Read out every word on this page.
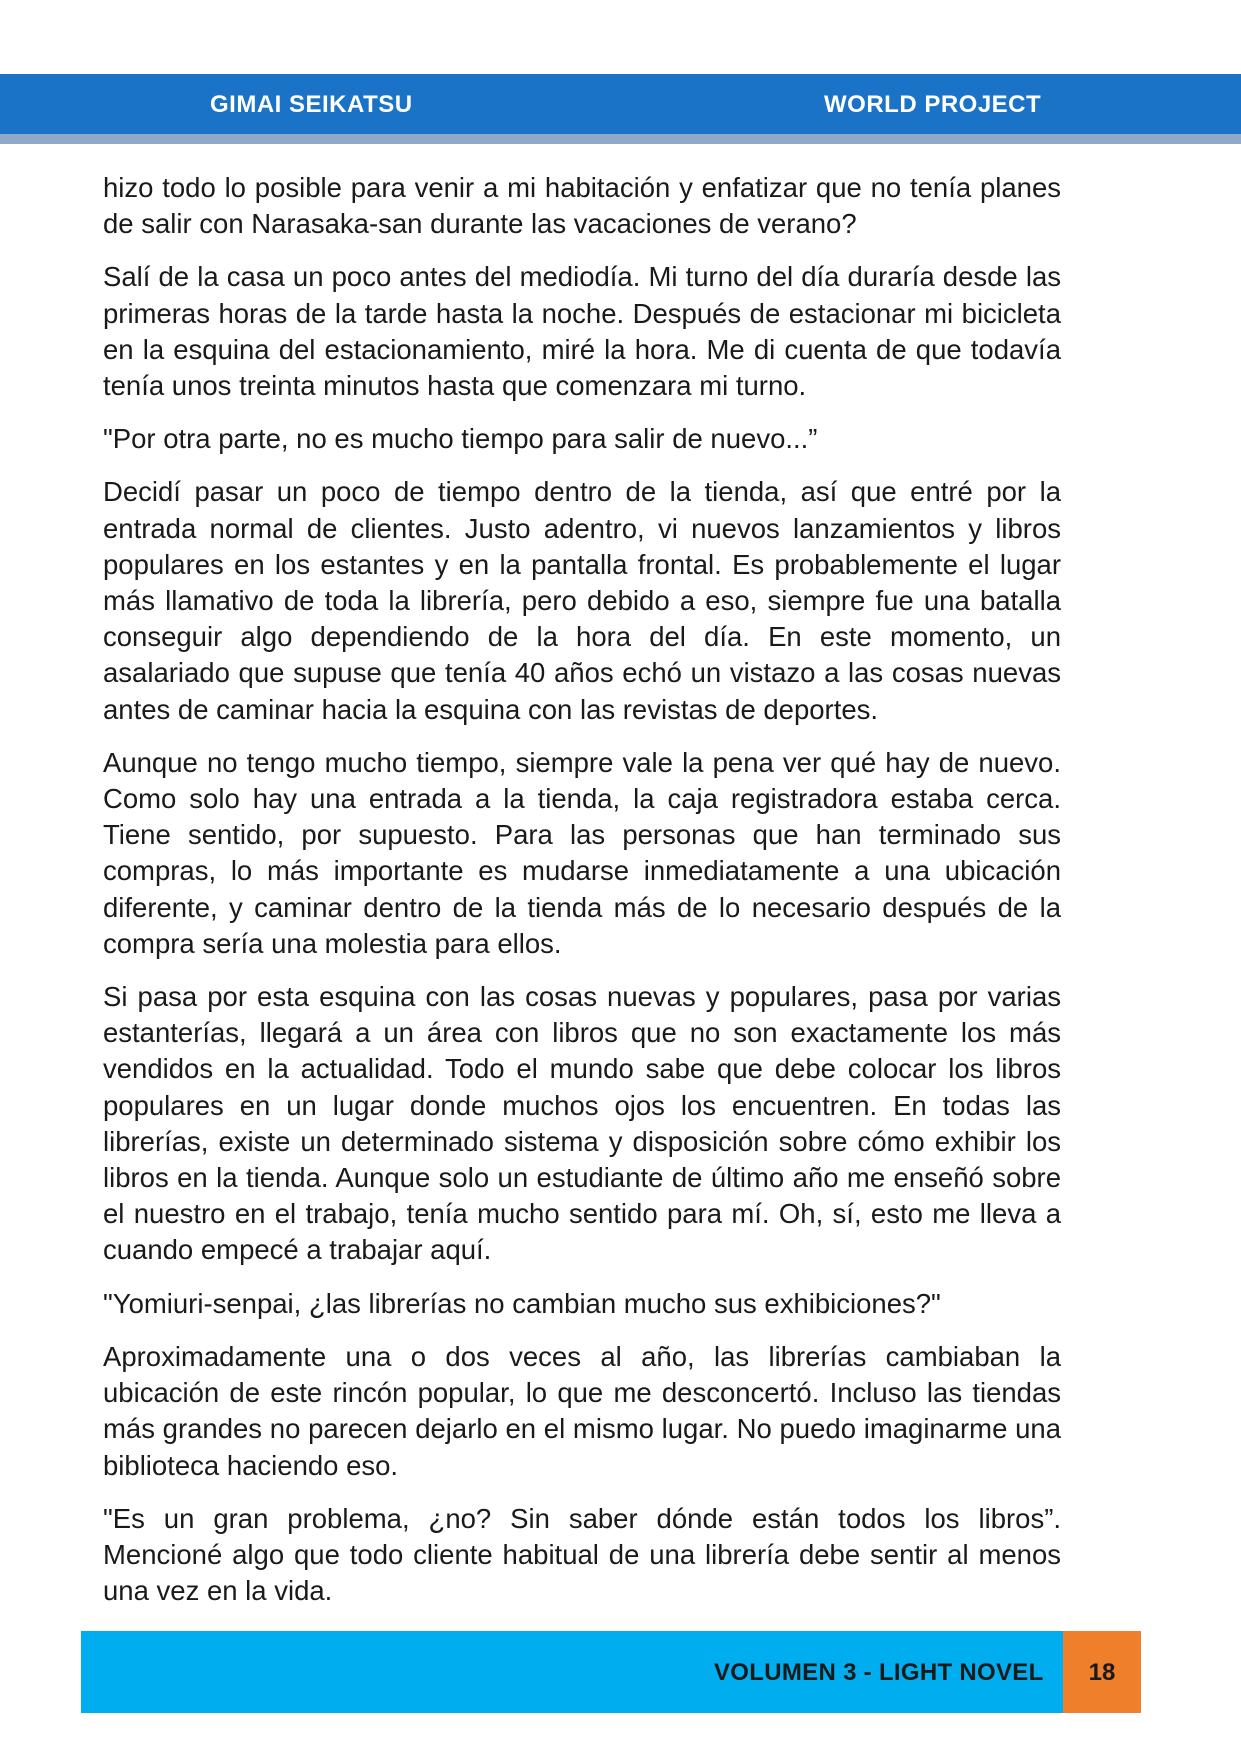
GIMAI SEIKATSU	WORLD PROJECT

hizo todo lo posible para venir a mi habitación y enfatizar que no tenía planes de salir con Narasaka-san durante las vacaciones de verano?

Salí de la casa un poco antes del mediodía. Mi turno del día duraría desde las primeras horas de la tarde hasta la noche. Después de estacionar mi bicicleta en la esquina del estacionamiento, miré la hora. Me di cuenta de que todavía tenía unos treinta minutos hasta que comenzara mi turno.

"Por otra parte, no es mucho tiempo para salir de nuevo...”

Decidí pasar un poco de tiempo dentro de la tienda, así que entré por la entrada normal de clientes. Justo adentro, vi nuevos lanzamientos y libros populares en los estantes y en la pantalla frontal. Es probablemente el lugar más llamativo de toda la librería, pero debido a eso, siempre fue una batalla conseguir algo dependiendo de la hora del día. En este momento, un asalariado que supuse que tenía 40 años echó un vistazo a las cosas nuevas antes de caminar hacia la esquina con las revistas de deportes.

Aunque no tengo mucho tiempo, siempre vale la pena ver qué hay de nuevo. Como solo hay una entrada a la tienda, la caja registradora estaba cerca. Tiene sentido, por supuesto. Para las personas que han terminado sus compras, lo más importante es mudarse inmediatamente a una ubicación diferente, y caminar dentro de la tienda más de lo necesario después de la compra sería una molestia para ellos.

Si pasa por esta esquina con las cosas nuevas y populares, pasa por varias estanterías, llegará a un área con libros que no son exactamente los más vendidos en la actualidad. Todo el mundo sabe que debe colocar los libros populares en un lugar donde muchos ojos los encuentren. En todas las librerías, existe un determinado sistema y disposición sobre cómo exhibir los libros en la tienda. Aunque solo un estudiante de último año me enseñó sobre el nuestro en el trabajo, tenía mucho sentido para mí. Oh, sí, esto me lleva a cuando empecé a trabajar aquí.

"Yomiuri-senpai, ¿las librerías no cambian mucho sus exhibiciones?"

Aproximadamente una o dos veces al año, las librerías cambiaban la ubicación de este rincón popular, lo que me desconcertó. Incluso las tiendas más grandes no parecen dejarlo en el mismo lugar. No puedo imaginarme una biblioteca haciendo eso.

"Es un gran problema, ¿no? Sin saber dónde están todos los libros”. Mencioné algo que todo cliente habitual de una librería debe sentir al menos una vez en la vida.

VOLUMEN 3 - LIGHT NOVEL	18
